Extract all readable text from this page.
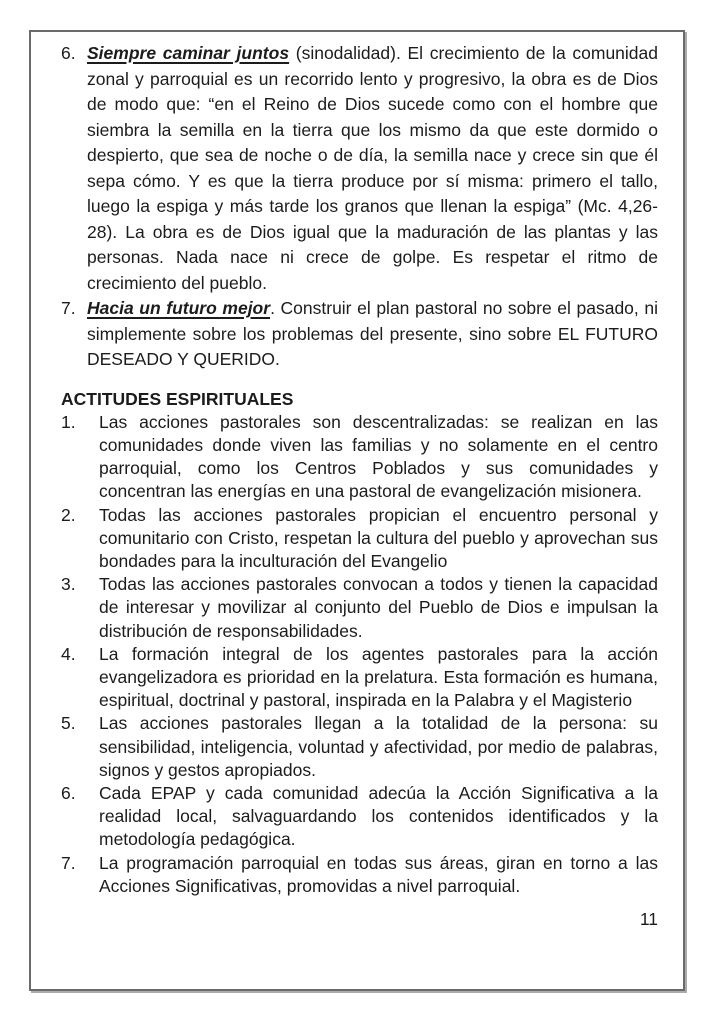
6. Siempre caminar juntos (sinodalidad). El crecimiento de la comunidad zonal y parroquial es un recorrido lento y progresivo, la obra es de Dios de modo que: “en el Reino de Dios sucede como con el hombre que siembra la semilla en la tierra que los mismo da que este dormido o despierto, que sea de noche o de día, la semilla nace y crece sin que él sepa cómo. Y es que la tierra produce por sí misma: primero el tallo, luego la espiga y más tarde los granos que llenan la espiga” (Mc. 4,26-28). La obra es de Dios igual que la maduración de las plantas y las personas. Nada nace ni crece de golpe. Es respetar el ritmo de crecimiento del pueblo.
7. Hacia un futuro mejor. Construir el plan pastoral no sobre el pasado, ni simplemente sobre los problemas del presente, sino sobre EL FUTURO DESEADO Y QUERIDO.
ACTITUDES ESPIRITUALES
1.	Las acciones pastorales son descentralizadas: se realizan en las comunidades donde viven las familias y no solamente en el centro parroquial, como los Centros Poblados y sus comunidades y concentran las energías en una pastoral de evangelización misionera.
2.	Todas las acciones pastorales propician el encuentro personal y comunitario con Cristo, respetan la cultura del pueblo y aprovechan sus bondades para la inculturación del Evangelio
3.	Todas las acciones pastorales convocan a todos y tienen la capacidad de interesar y movilizar al conjunto del Pueblo de Dios e impulsan la distribución de responsabilidades.
4.	La formación integral de los agentes pastorales para la acción evangelizadora es prioridad en la prelatura. Esta formación es humana, espiritual, doctrinal y pastoral, inspirada en la Palabra y el Magisterio
5.	Las acciones pastorales llegan a la totalidad de la persona: su sensibilidad, inteligencia, voluntad y afectividad, por medio de palabras, signos y gestos apropiados.
6.	Cada EPAP y cada comunidad adecúa la Acción Significativa a la realidad local, salvaguardando los contenidos identificados y la metodología pedagógica.
7.	La programación parroquial en todas sus áreas, giran en torno a las Acciones Significativas, promovidas a nivel parroquial.
11
